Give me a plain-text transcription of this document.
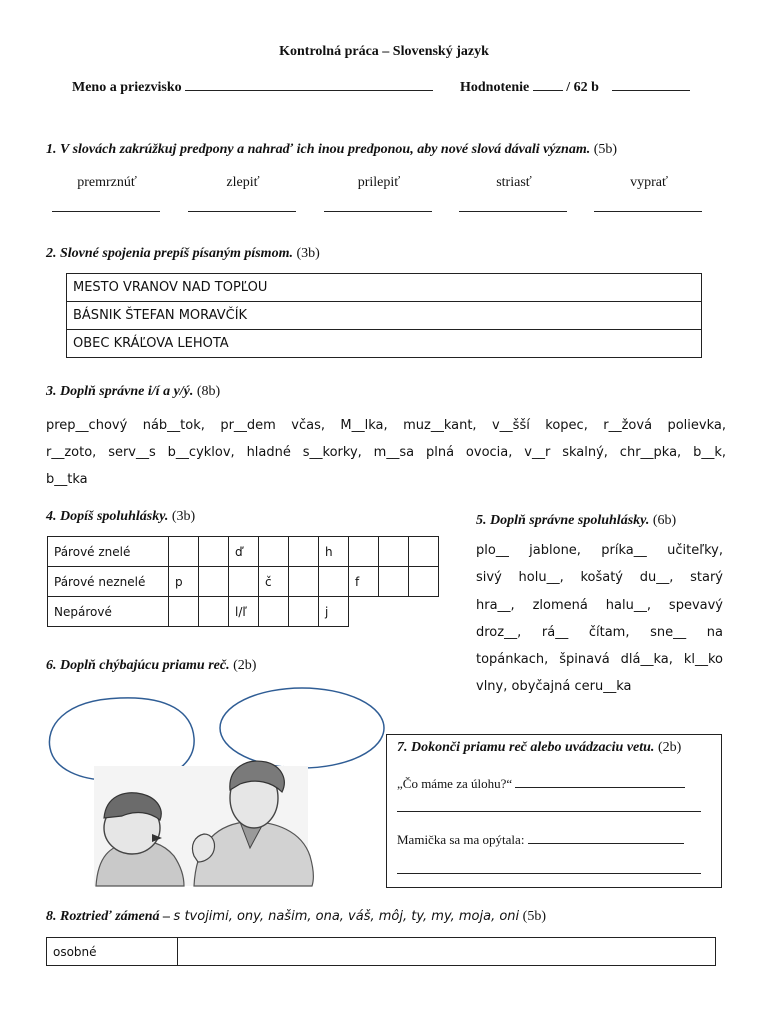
Kontrolná práca – Slovenský jazyk
Meno a priezvisko	Hodnotenie	/ 62 b
1. V slovách zakrúžkuj predpony a nahraď ich inou predponou, aby nové slová dávali význam. (5b)
premrznúť	zlepiť	prilepiť	striasť	vyprať
2. Slovné spojenia prepíš písaným písmom. (3b)
MESTO VRANOV NAD TOPĽOU
BÁSNIK ŠTEFAN MORAVČÍK
OBEC KRÁĽOVA LEHOTA
3. Doplň správne i/í a y/ý. (8b)
prep__chový náb__tok, pr__dem včas, M__lka, muz__kant, v__šší kopec, r__žová polievka,
r__zoto, serv__s b__cyklov, hladné s__korky, m__sa plná ovocia, v__r skalný, chr__pka, b__k,
b__tka
4. Dopíš spoluhlásky. (3b)
Párové znelé			ď			h			
Párové neznelé	p			č			f		
Nepárové			l/ľ			j			
5. Doplň správne spoluhlásky. (6b)
plo__ jablone, príka__ učiteľky,
sivý holu__, košatý du__, starý
hra__, zlomená halu__, spevavý
droz__, rá__ čítam, sne__ na
topánkach, špinavá dlá__ka, kl__ko
vlny, obyčajná ceru__ka
6. Doplň chýbajúcu priamu reč. (2b)
7. Dokonči priamu reč alebo uvádzaciu vetu. (2b)
„Čo máme za úlohu?“
Mamička sa ma opýtala:
8. Roztrieď zámená – s tvojimi, ony, našim, ona, váš, môj, ty, my, moja, oni (5b)
osobné	
